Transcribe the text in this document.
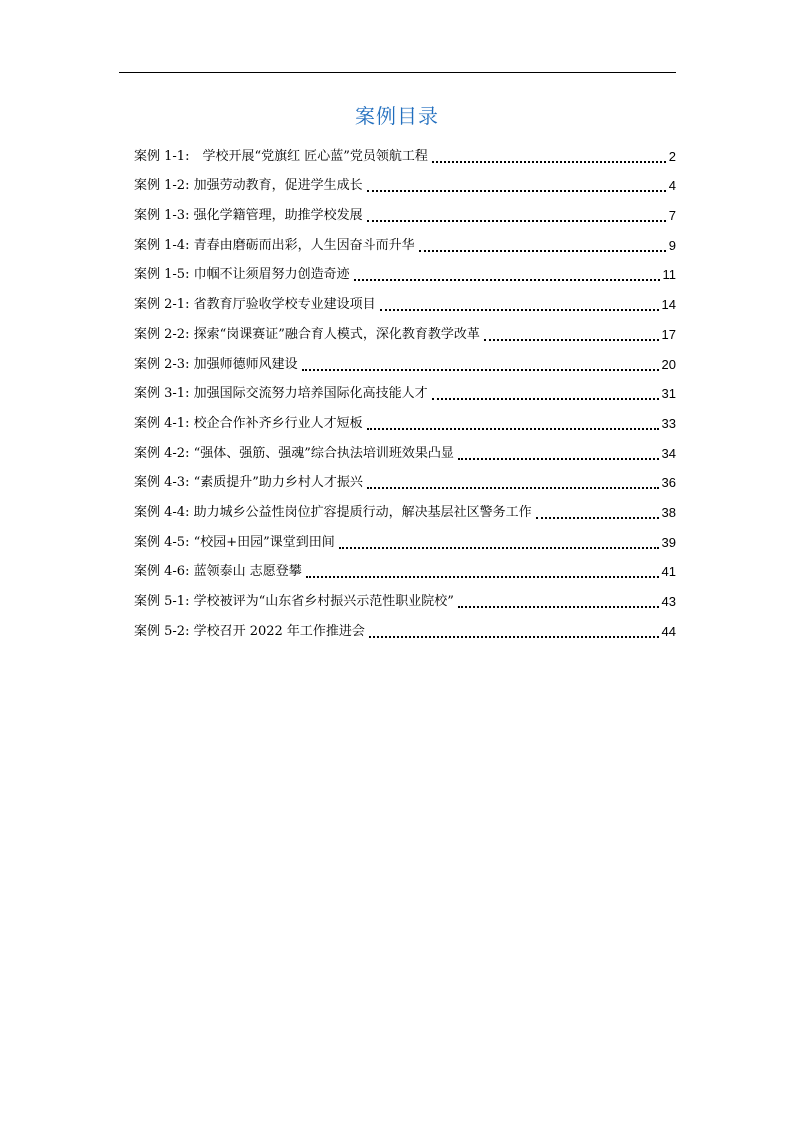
案例目录
案例 1-1:　学校开展“党旗红 匠心蓝”党员领航工程	2
案例 1-2: 加强劳动教育，促进学生成长	4
案例 1-3: 强化学籍管理，助推学校发展	7
案例 1-4: 青春由磨砺而出彩，人生因奋斗而升华	9
案例 1-5: 巾帼不让须眉努力创造奇迹	11
案例 2-1: 省教育厅验收学校专业建设项目	14
案例 2-2: 探索“岗课赛证”融合育人模式，深化教育教学改革	17
案例 2-3: 加强师德师风建设	20
案例 3-1: 加强国际交流努力培养国际化高技能人才	31
案例 4-1: 校企合作补齐乡行业人才短板	33
案例 4-2: “强体、强筋、强魂”综合执法培训班效果凸显	34
案例 4-3: “素质提升”助力乡村人才振兴	36
案例 4-4: 助力城乡公益性岗位扩容提质行动，解决基层社区警务工作	38
案例 4-5: “校园+田园”课堂到田间	39
案例 4-6: 蓝领泰山 志愿登攀	41
案例 5-1: 学校被评为“山东省乡村振兴示范性职业院校”	43
案例 5-2: 学校召开 2022 年工作推进会	44
